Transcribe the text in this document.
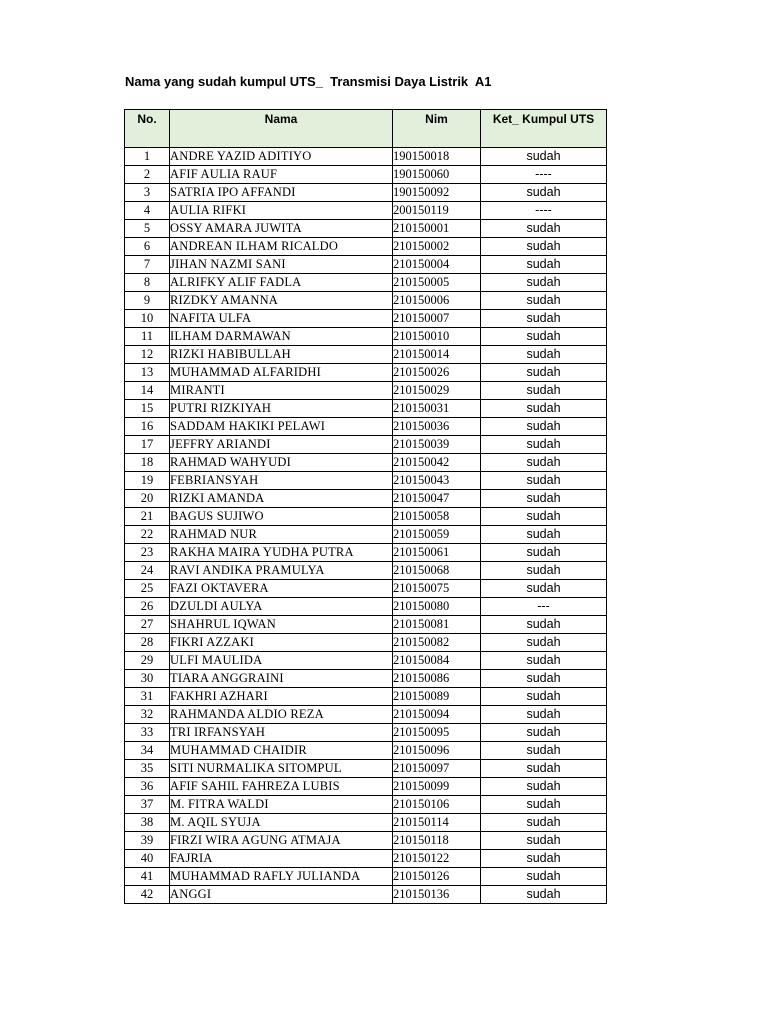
Nama yang sudah kumpul UTS_  Transmisi Daya Listrik  A1
No.	Nama	Nim	Ket_ Kumpul UTS
1	ANDRE YAZID ADITIYO	190150018	sudah
2	AFIF AULIA RAUF	190150060	----
3	SATRIA IPO AFFANDI	190150092	sudah
4	AULIA RIFKI	200150119	----
5	OSSY AMARA JUWITA	210150001	sudah
6	ANDREAN ILHAM RICALDO	210150002	sudah
7	JIHAN NAZMI SANI	210150004	sudah
8	ALRIFKY ALIF FADLA	210150005	sudah
9	RIZDKY AMANNA	210150006	sudah
10	NAFITA ULFA	210150007	sudah
11	ILHAM DARMAWAN	210150010	sudah
12	RIZKI HABIBULLAH	210150014	sudah
13	MUHAMMAD ALFARIDHI	210150026	sudah
14	MIRANTI	210150029	sudah
15	PUTRI RIZKIYAH	210150031	sudah
16	SADDAM HAKIKI PELAWI	210150036	sudah
17	JEFFRY ARIANDI	210150039	sudah
18	RAHMAD WAHYUDI	210150042	sudah
19	FEBRIANSYAH	210150043	sudah
20	RIZKI AMANDA	210150047	sudah
21	BAGUS SUJIWO	210150058	sudah
22	RAHMAD NUR	210150059	sudah
23	RAKHA MAIRA YUDHA PUTRA	210150061	sudah
24	RAVI ANDIKA PRAMULYA	210150068	sudah
25	FAZI OKTAVERA	210150075	sudah
26	DZULDI AULYA	210150080	---
27	SHAHRUL IQWAN	210150081	sudah
28	FIKRI AZZAKI	210150082	sudah
29	ULFI MAULIDA	210150084	sudah
30	TIARA ANGGRAINI	210150086	sudah
31	FAKHRI AZHARI	210150089	sudah
32	RAHMANDA ALDIO REZA	210150094	sudah
33	TRI IRFANSYAH	210150095	sudah
34	MUHAMMAD CHAIDIR	210150096	sudah
35	SITI NURMALIKA SITOMPUL	210150097	sudah
36	AFIF SAHIL FAHREZA LUBIS	210150099	sudah
37	M. FITRA WALDI	210150106	sudah
38	M. AQIL SYUJA	210150114	sudah
39	FIRZI WIRA AGUNG ATMAJA	210150118	sudah
40	FAJRIA	210150122	sudah
41	MUHAMMAD RAFLY JULIANDA	210150126	sudah
42	ANGGI	210150136	sudah
